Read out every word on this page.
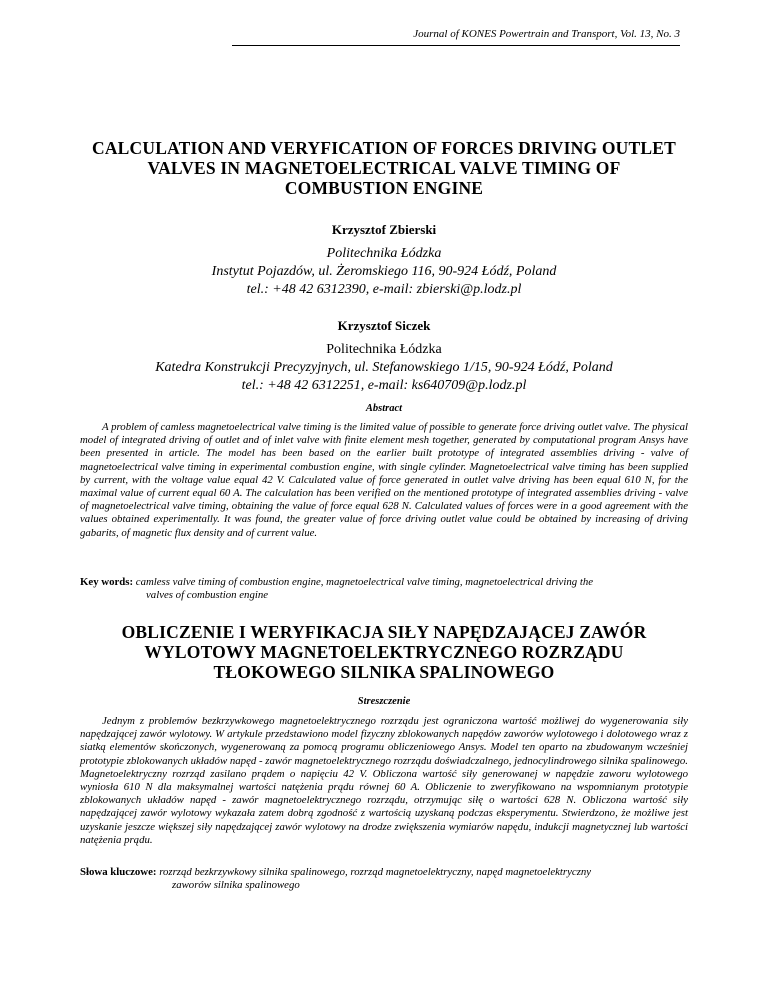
Journal of KONES Powertrain and Transport, Vol. 13, No. 3
CALCULATION AND VERYFICATION OF FORCES DRIVING OUTLET
VALVES IN MAGNETOELECTRICAL VALVE TIMING OF
COMBUSTION ENGINE
Krzysztof Zbierski
Politechnika Łódzka
Instytut Pojazdów, ul. Żeromskiego 116, 90-924 Łódź, Poland
tel.: +48 42 6312390, e-mail: zbierski@p.lodz.pl
Krzysztof Siczek
Politechnika Łódzka
Katedra Konstrukcji Precyzyjnych, ul. Stefanowskiego 1/15, 90-924 Łódź, Poland
tel.: +48 42 6312251, e-mail: ks640709@p.lodz.pl
Abstract
A problem of camless magnetoelectrical valve timing is the limited value of possible to generate force driving outlet valve. The physical model of integrated driving of outlet and of inlet valve with finite element mesh together, generated by computational program Ansys have been presented in article. The model has been based on the earlier built prototype of integrated assemblies driving - valve of magnetoelectrical valve timing in experimental combustion engine, with single cylinder. Magnetoelectrical valve timing has been supplied by current, with the voltage value equal 42 V. Calculated value of force generated in outlet valve driving has been equal 610 N, for the maximal value of current equal 60 A. The calculation has been verified on the mentioned prototype of integrated assemblies driving - valve of magnetoelectrical valve timing, obtaining the value of force equal 628 N. Calculated values of forces were in a good agreement with the values obtained experimentally. It was found, the greater value of force driving outlet value could be obtained by increasing of driving gabarits, of magnetic flux density and of current value.
Key words: camless valve timing of combustion engine, magnetoelectrical valve timing, magnetoelectrical driving the
valves of combustion engine
OBLICZENIE I WERYFIKACJA SIŁY NAPĘDZAJĄCEJ ZAWÓR
WYLOTOWY MAGNETOELEKTRYCZNEGO ROZRZĄDU
TŁOKOWEGO SILNIKA SPALINOWEGO
Streszczenie
Jednym z problemów bezkrzywkowego magnetoelektrycznego rozrządu jest ograniczona wartość możliwej do wygenerowania siły napędzającej zawór wylotowy. W artykule przedstawiono model fizyczny zblokowanych napędów zaworów wylotowego i dolotowego wraz z siatką elementów skończonych, wygenerowaną za pomocą programu obliczeniowego Ansys. Model ten oparto na zbudowanym wcześniej prototypie zblokowanych układów napęd - zawór magnetoelektrycznego rozrządu doświadczalnego, jednocylindrowego silnika spalinowego. Magnetoelektryczny rozrząd zasilano prądem o napięciu 42 V. Obliczona wartość siły generowanej w napędzie zaworu wylotowego wyniosła 610 N dla maksymalnej wartości natężenia prądu równej 60 A. Obliczenie to zweryfikowano na wspomnianym prototypie zblokowanych układów napęd - zawór magnetoelektrycznego rozrządu, otrzymując siłę o wartości 628 N. Obliczona wartość siły napędzającej zawór wylotowy wykazała zatem dobrą zgodność z wartością uzyskaną podczas eksperymentu. Stwierdzono, że możliwe jest uzyskanie jeszcze większej siły napędzającej zawór wylotowy na drodze zwiększenia wymiarów napędu, indukcji magnetycznej lub wartości natężenia prądu.
Słowa kluczowe: rozrząd bezkrzywkowy silnika spalinowego, rozrząd magnetoelektryczny, napęd magnetoelektryczny
zaworów silnika spalinowego
